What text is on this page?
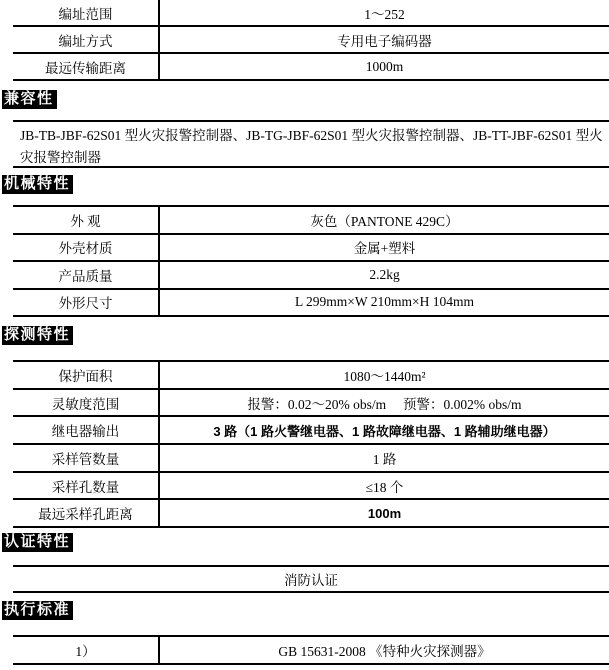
编址范围	1～252
编址方式	专用电子编码器
最远传输距离	1000m
兼容性
JB-TB-JBF-62S01 型火灾报警控制器、JB-TG-JBF-62S01 型火灾报警控制器、JB-TT-JBF-62S01 型火灾报警控制器
机械特性
外 观	灰色（PANTONE 429C）
外壳材质	金属+塑料
产品质量	2.2kg
外形尺寸	L 299mm×W 210mm×H 104mm
探测特性
保护面积	1080～1440m²
灵敏度范围	报警：0.02～20% obs/m　 预警：0.002% obs/m
继电器输出	3 路（1 路火警继电器、1 路故障继电器、1 路辅助继电器）
采样管数量	1 路
采样孔数量	≤18 个
最远采样孔距离	100m
认证特性
消防认证
执行标准
1）	GB 15631-2008 《特种火灾探测器》
